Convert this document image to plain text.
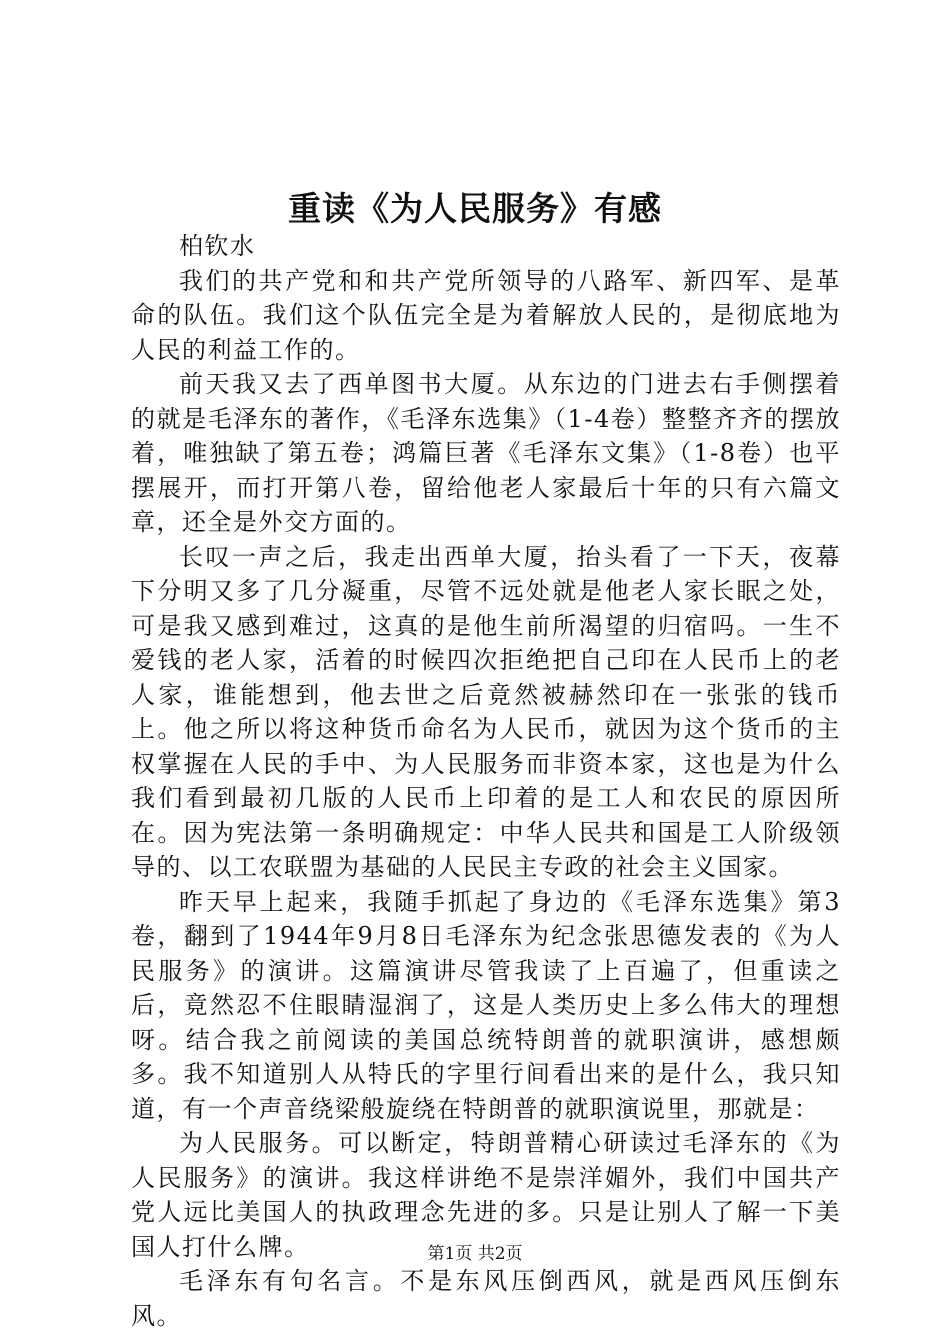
重读《为人民服务》有感
柏钦水

我们的共产党和和共产党所领导的八路军、新四军、是革命的队伍。我们这个队伍完全是为着解放人民的，是彻底地为人民的利益工作的。

前天我又去了西单图书大厦。从东边的门进去右手侧摆着的就是毛泽东的著作，《毛泽东选集》（1-4卷）整整齐齐的摆放着，唯独缺了第五卷；鸿篇巨著《毛泽东文集》（1-8卷）也平摆展开，而打开第八卷，留给他老人家最后十年的只有六篇文章，还全是外交方面的。

长叹一声之后，我走出西单大厦，抬头看了一下天，夜幕下分明又多了几分凝重，尽管不远处就是他老人家长眠之处，可是我又感到难过，这真的是他生前所渴望的归宿吗。一生不爱钱的老人家，活着的时候四次拒绝把自己印在人民币上的老人家，谁能想到，他去世之后竟然被赫然印在一张张的钱币上。他之所以将这种货币命名为人民币，就因为这个货币的主权掌握在人民的手中、为人民服务而非资本家，这也是为什么我们看到最初几版的人民币上印着的是工人和农民的原因所在。因为宪法第一条明确规定：中华人民共和国是工人阶级领导的、以工农联盟为基础的人民民主专政的社会主义国家。

昨天早上起来，我随手抓起了身边的《毛泽东选集》第3卷，翻到了1944年9月8日毛泽东为纪念张思德发表的《为人民服务》的演讲。这篇演讲尽管我读了上百遍了，但重读之后，竟然忍不住眼睛湿润了，这是人类历史上多么伟大的理想呀。结合我之前阅读的美国总统特朗普的就职演讲，感想颇多。我不知道别人从特氏的字里行间看出来的是什么，我只知道，有一个声音绕梁般旋绕在特朗普的就职演说里，那就是：

为人民服务。可以断定，特朗普精心研读过毛泽东的《为人民服务》的演讲。我这样讲绝不是崇洋媚外，我们中国共产党人远比美国人的执政理念先进的多。只是让别人了解一下美国人打什么牌。

毛泽东有句名言。不是东风压倒西风，就是西风压倒东风。

第1页 共2页
